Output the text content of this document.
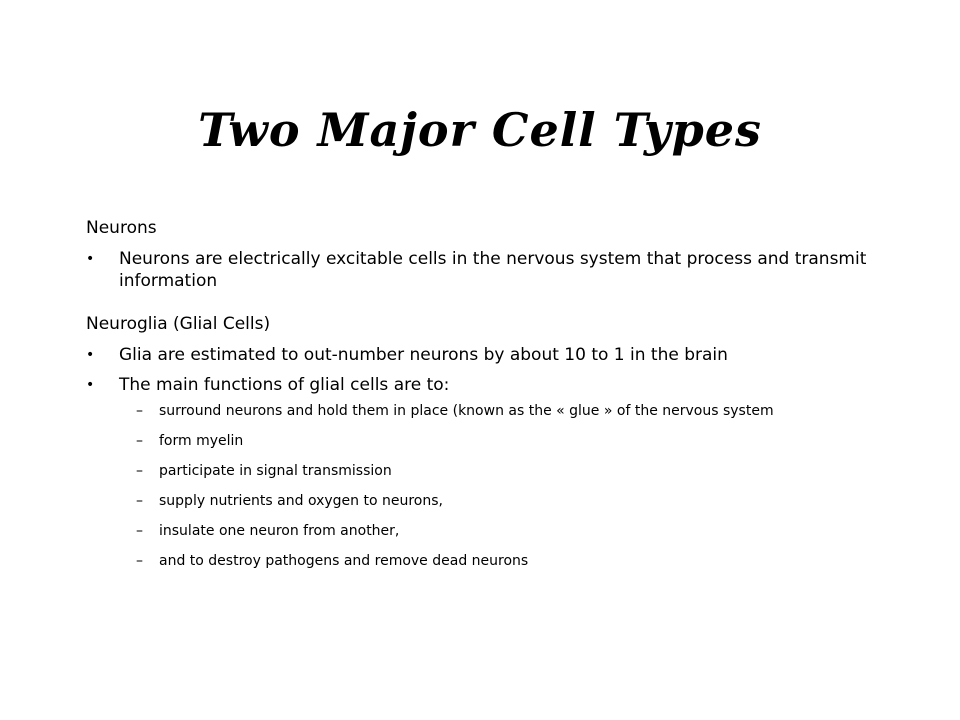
Two Major Cell Types
Neurons
•	Neurons are electrically excitable cells in the nervous system that process and transmit information
Neuroglia (Glial Cells)
•	Glia are estimated to out-number neurons by about 10 to 1 in the brain
•	The main functions of glial cells are to:
–	surround neurons and hold them in place (known as the « glue » of the nervous system
–	form myelin
–	participate in signal transmission
–	supply nutrients and oxygen to neurons,
–	insulate one neuron from another,
–	and to destroy pathogens and remove dead neurons
